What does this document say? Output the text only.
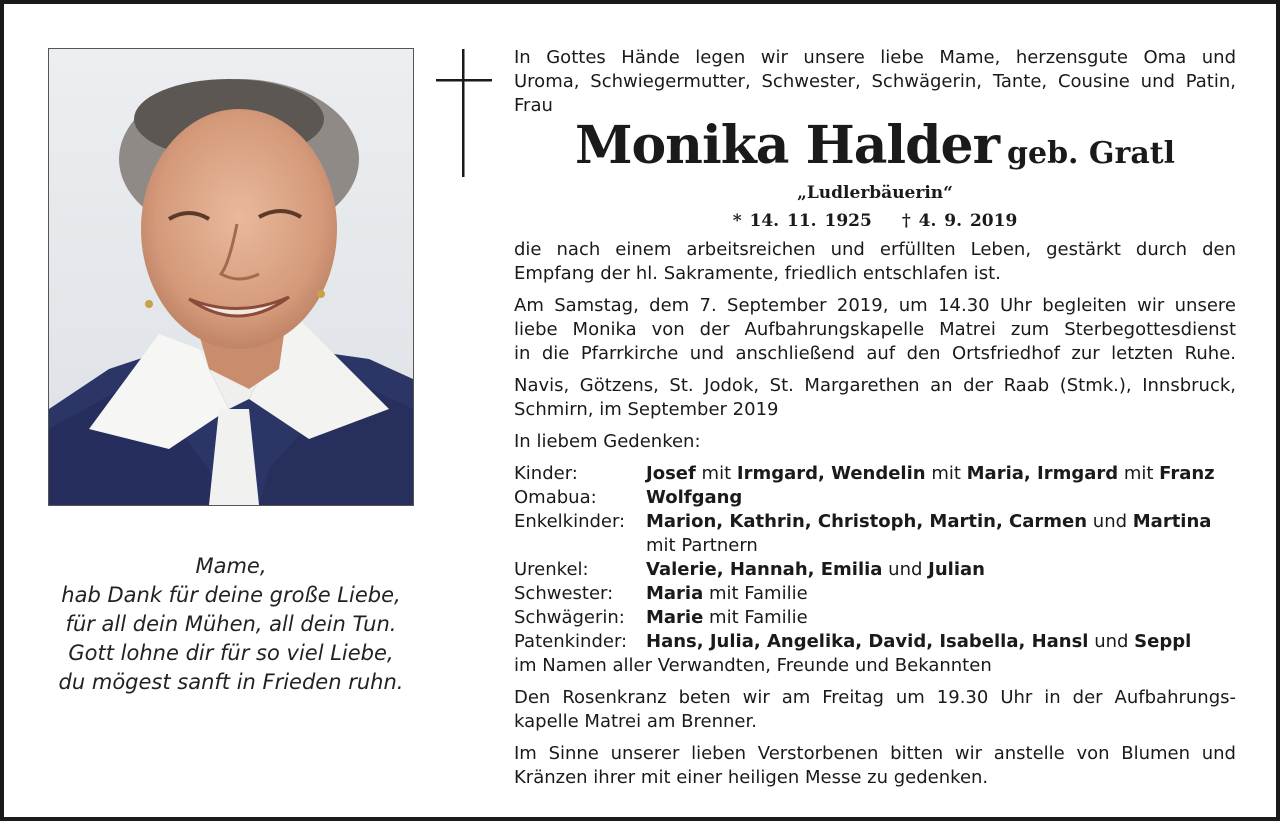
Mame,
hab Dank für deine große Liebe,
für all dein Mühen, all dein Tun.
Gott lohne dir für so viel Liebe,
du mögest sanft in Frieden ruhn.
In Gottes Hände legen wir unsere liebe Mame, herzensgute Oma und
Uroma, Schwiegermutter, Schwester, Schwägerin, Tante, Cousine und Patin,
Frau
Monika Halder geb. Gratl
„Ludlerbäuerin“
* 14. 11. 1925 † 4. 9. 2019
die nach einem arbeitsreichen und erfüllten Leben, gestärkt durch den
Empfang der hl. Sakramente, friedlich entschlafen ist.
Am Samstag, dem 7. September 2019, um 14.30 Uhr begleiten wir unsere
liebe Monika von der Aufbahrungskapelle Matrei zum Sterbegottesdienst
in die Pfarrkirche und anschließend auf den Ortsfriedhof zur letzten Ruhe.
Navis, Götzens, St. Jodok, St. Margarethen an der Raab (Stmk.), Innsbruck,
Schmirn, im September 2019
In liebem Gedenken:
Kinder:	Josef mit Irmgard, Wendelin mit Maria, Irmgard mit Franz
Omabua:	Wolfgang
Enkelkinder:	Marion, Kathrin, Christoph, Martin, Carmen und Martina mit Partnern
Urenkel:	Valerie, Hannah, Emilia und Julian
Schwester:	Maria mit Familie
Schwägerin:	Marie mit Familie
Patenkinder:	Hans, Julia, Angelika, David, Isabella, Hansl und Seppl
im Namen aller Verwandten, Freunde und Bekannten
Den Rosenkranz beten wir am Freitag um 19.30 Uhr in der Aufbahrungs-
kapelle Matrei am Brenner.
Im Sinne unserer lieben Verstorbenen bitten wir anstelle von Blumen und
Kränzen ihrer mit einer heiligen Messe zu gedenken.
